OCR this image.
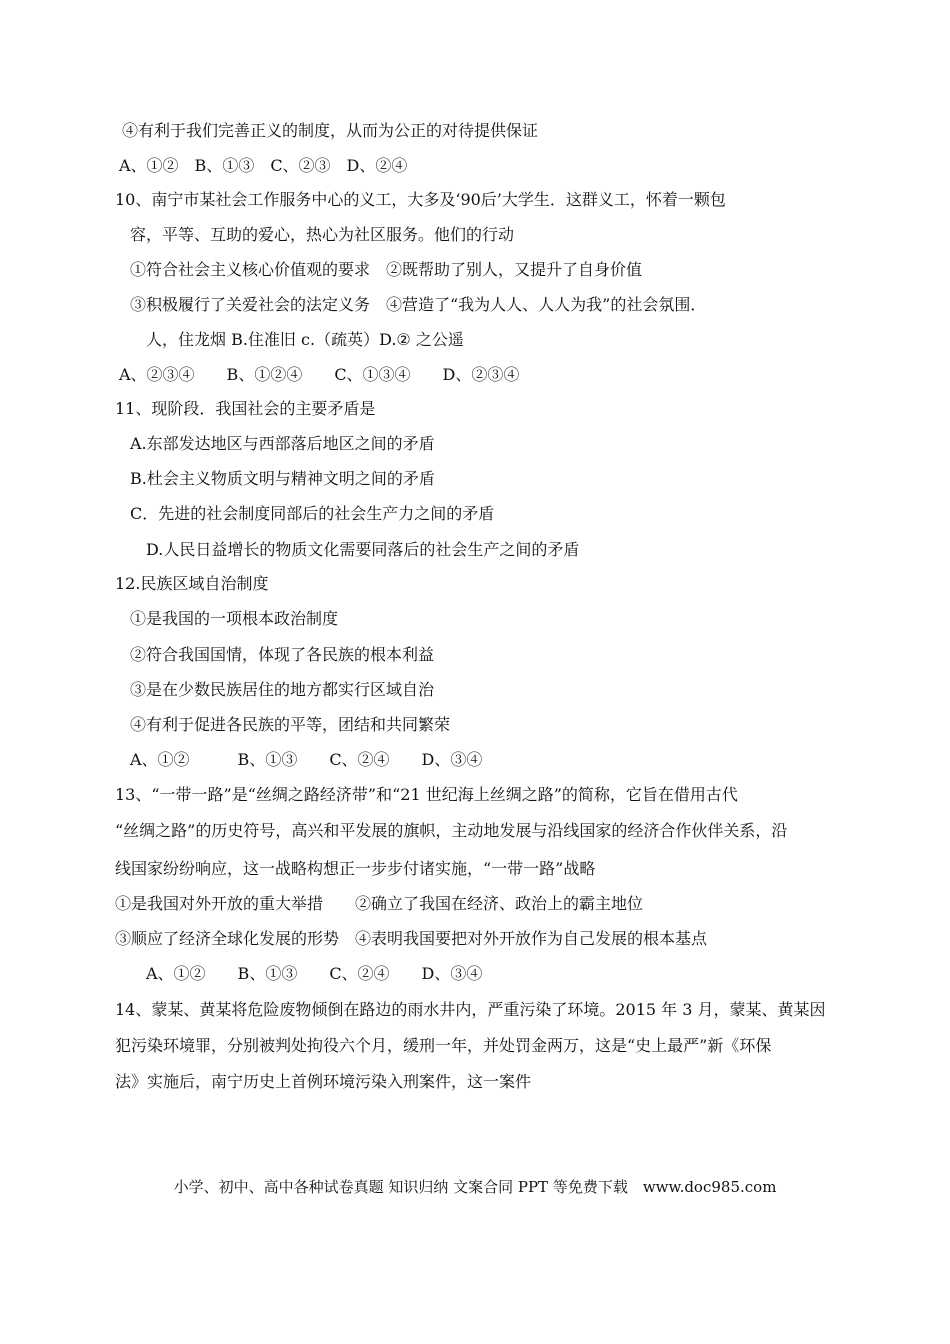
④有利于我们完善正义的制度，从而为公正的对待提供保证
A、①②　B、①③　C、②③　D、②④
10、南宁市某社会工作服务中心的义工，大多及‘90后’大学生．这群义工，怀着一颗包
容，平等、互助的爱心，热心为社区服务。他们的行动
①符合社会主义核心价值观的要求　②既帮助了别人，又提升了自身价值
③积极履行了关爱社会的法定义务　④营造了“我为人人、人人为我”的社会氛围．
人，住龙烟 B.住准旧 c.（疏英）D.② 之公遥
A、②③④　　B、①②④　　C、①③④　　D、②③④
11、现阶段．我国社会的主要矛盾是
A.东部发达地区与西部落后地区之间的矛盾
B.杜会主义物质文明与精神文明之间的矛盾
C．先进的社会制度同部后的社会生产力之间的矛盾
D.人民日益增长的物质文化需要同落后的社会生产之间的矛盾
12.民族区域自治制度
①是我国的一项根本政治制度
②符合我国国情，体现了各民族的根本利益
③是在少数民族居住的地方都实行区域自治
④有利于促进各民族的平等，团结和共同繁荣
A、①②　　　B、①③　　C、②④　　D、③④
13、“一带一路”是“丝绸之路经济带”和“21 世纪海上丝绸之路”的简称，它旨在借用古代
“丝绸之路”的历史符号，高兴和平发展的旗帜，主动地发展与沿线国家的经济合作伙伴关系，沿
线国家纷纷响应，这一战略构想正一步步付诸实施，“一带一路”战略
①是我国对外开放的重大举措　　②确立了我国在经济、政治上的霸主地位
③顺应了经济全球化发展的形势　④表明我国要把对外开放作为自己发展的根本基点
A、①②　　B、①③　　C、②④　　D、③④
14、蒙某、黄某将危险废物倾倒在路边的雨水井内，严重污染了环境。2015 年 3 月，蒙某、黄某因
犯污染环境罪，分别被判处拘役六个月，缓刑一年，并处罚金两万，这是“史上最严”新《环保
法》实施后，南宁历史上首例环境污染入刑案件，这一案件
小学、初中、高中各种试卷真题 知识归纳 文案合同 PPT 等免费下载　www.doc985.com
